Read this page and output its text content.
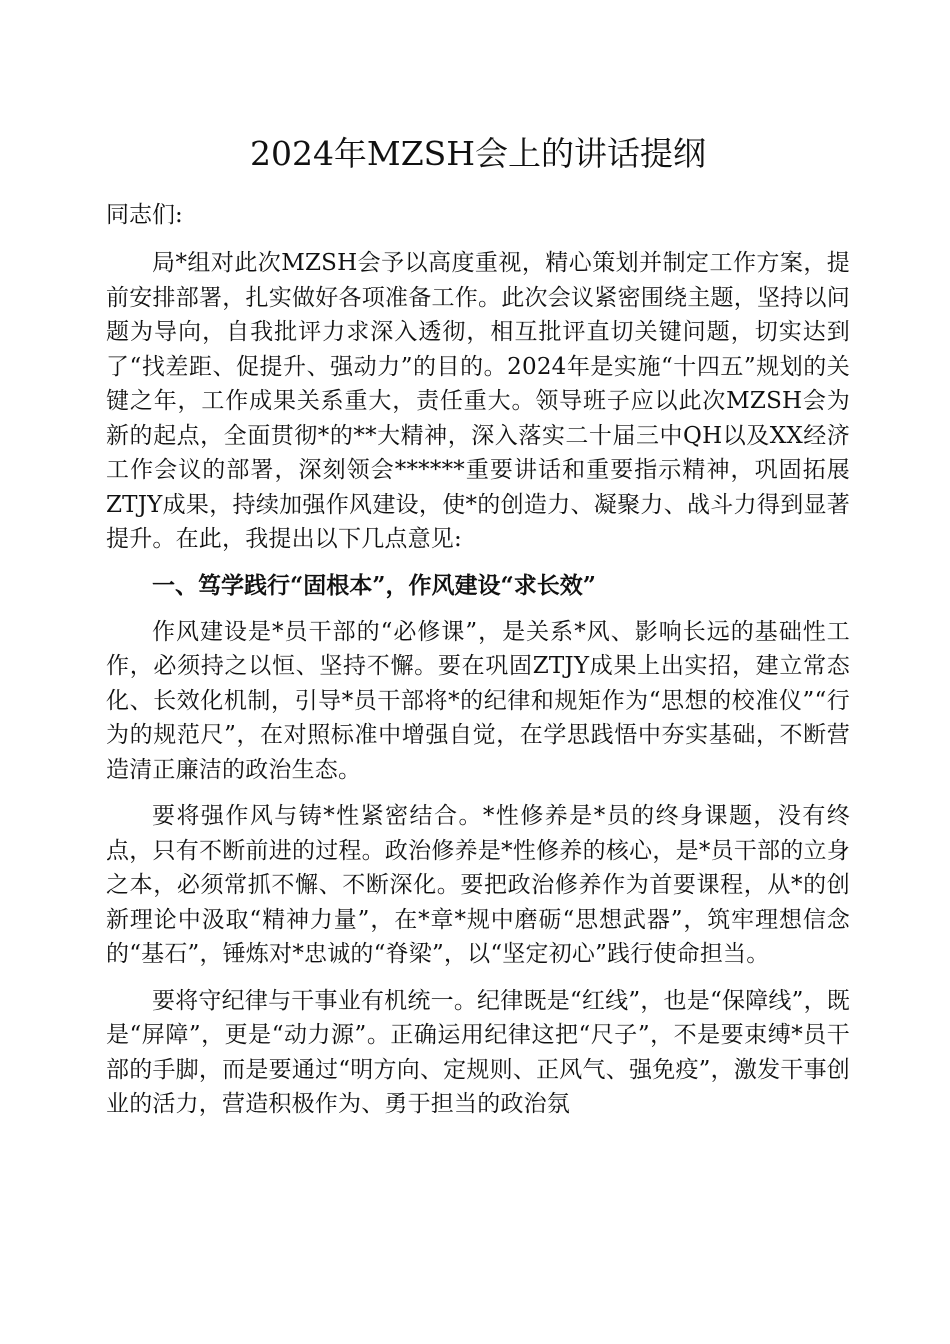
2024年MZSH会上的讲话提纲

同志们:

局*组对此次MZSH会予以高度重视，精心策划并制定工作方案，提前安排部署，扎实做好各项准备工作。此次会议紧密围绕主题，坚持以问题为导向，自我批评力求深入透彻，相互批评直切关键问题，切实达到了“找差距、促提升、强动力”的目的。2024年是实施“十四五”规划的关键之年，工作成果关系重大，责任重大。领导班子应以此次MZSH会为新的起点，全面贯彻*的**大精神，深入落实二十届三中QH以及XX经济工作会议的部署，深刻领会******重要讲话和重要指示精神，巩固拓展ZTJY成果，持续加强作风建设，使*的创造力、凝聚力、战斗力得到显著提升。在此，我提出以下几点意见:

一、笃学践行“固根本”，作风建设“求长效”

作风建设是*员干部的“必修课”，是关系*风、影响长远的基础性工作，必须持之以恒、坚持不懈。要在巩固ZTJY成果上出实招，建立常态化、长效化机制，引导*员干部将*的纪律和规矩作为“思想的校准仪”“行为的规范尺”，在对照标准中增强自觉，在学思践悟中夯实基础，不断营造清正廉洁的政治生态。

要将强作风与铸*性紧密结合。*性修养是*员的终身课题，没有终点，只有不断前进的过程。政治修养是*性修养的核心，是*员干部的立身之本，必须常抓不懈、不断深化。要把政治修养作为首要课程，从*的创新理论中汲取“精神力量”，在*章*规中磨砺“思想武器”，筑牢理想信念的“基石”，锤炼对*忠诚的“脊梁”，以“坚定初心”践行使命担当。

要将守纪律与干事业有机统一。纪律既是“红线”，也是“保障线”，既是“屏障”，更是“动力源”。正确运用纪律这把“尺子”，不是要束缚*员干部的手脚，而是要通过“明方向、定规则、正风气、强免疫”，激发干事创业的活力，营造积极作为、勇于担当的政治氛
